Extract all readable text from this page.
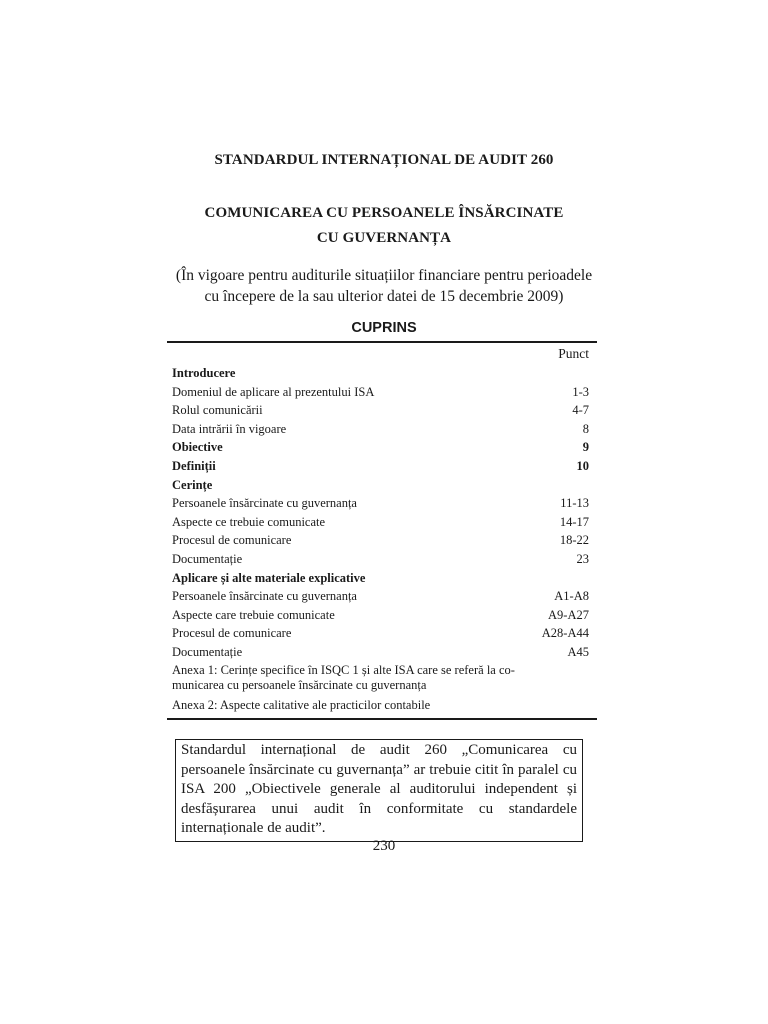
STANDARDUL INTERNAȚIONAL DE AUDIT 260
COMUNICAREA CU PERSOANELE ÎNSĂRCINATE
CU GUVERNANȚA
(În vigoare pentru auditurile situațiilor financiare pentru perioadele
cu începere de la sau ulterior datei de 15 decembrie 2009)
CUPRINS
Punct
Introducere
Domeniul de aplicare al prezentului ISA	1-3
Rolul comunicării	4-7
Data intrării în vigoare	8
Obiective	9
Definiții	10
Cerințe
Persoanele însărcinate cu guvernanța	11-13
Aspecte ce trebuie comunicate	14-17
Procesul de comunicare	18-22
Documentație	23
Aplicare și alte materiale explicative
Persoanele însărcinate cu guvernanța	A1-A8
Aspecte care trebuie comunicate	A9-A27
Procesul de comunicare	A28-A44
Documentație	A45
Anexa 1: Cerințe specifice în ISQC 1 și alte ISA care se referă la co-municarea cu persoanele însărcinate cu guvernanța
Anexa 2: Aspecte calitative ale practicilor contabile
Standardul internațional de audit 260 „Comunicarea cu persoanele însărcinate cu guvernanța” ar trebuie citit în paralel cu ISA 200 „Obiectivele generale al auditorului independent și desfășurarea unui audit în conformitate cu standardele internaționale de audit”.
230
